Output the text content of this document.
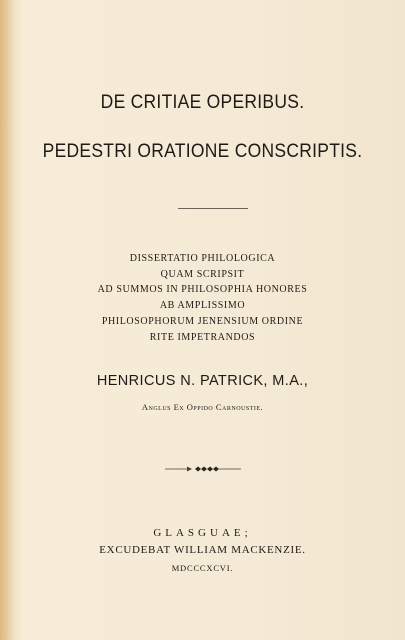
DE CRITIAE OPERIBUS.
PEDESTRI ORATIONE CONSCRIPTIS.
DISSERTATIO PHILOLOGICA
QUAM SCRIPSIT
AD SUMMOS IN PHILOSOPHIA HONORES
AB AMPLISSIMO
PHILOSOPHORUM JENENSIUM ORDINE
RITE IMPETRANDOS
HENRICUS N. PATRICK, M.A.,
Anglus Ex Oppido Carnoustie.
GLASGUAE;
EXCUDEBAT WILLIAM MACKENZIE.
MDCCCXCVI.
